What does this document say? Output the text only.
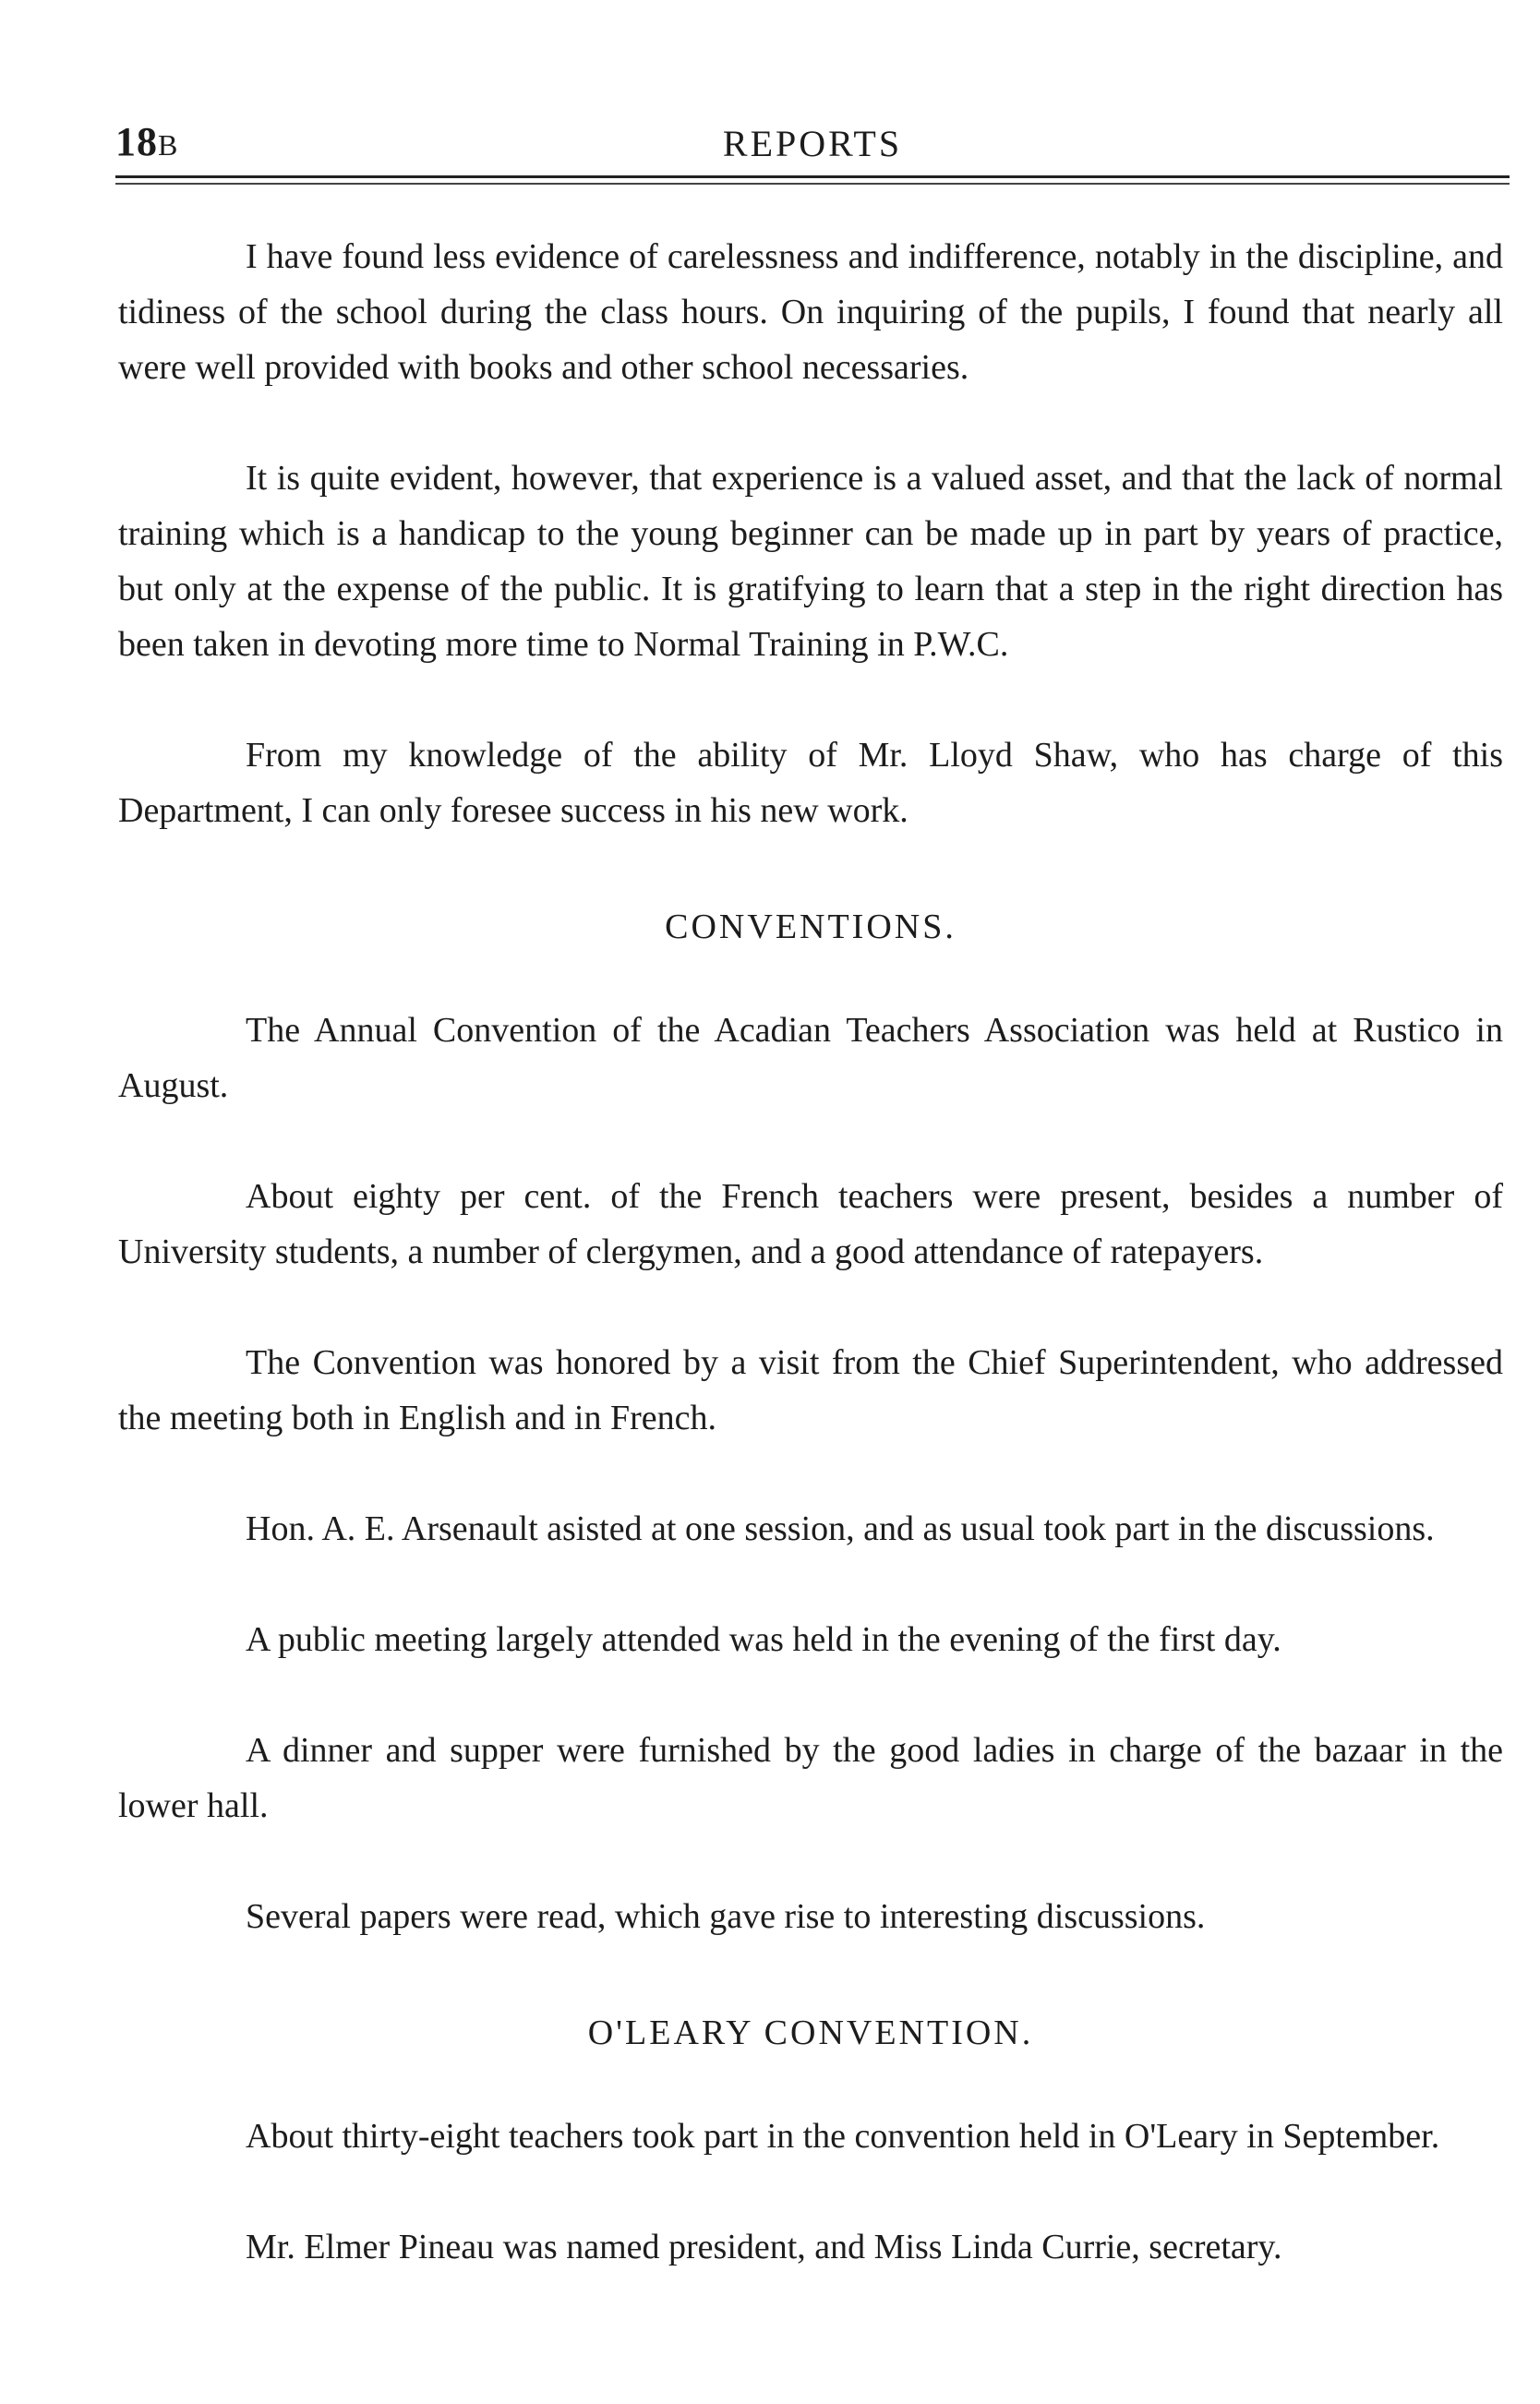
18B	REPORTS

I have found less evidence of carelessness and indifference, notably in the discipline, and tidiness of the school during the class hours. On inquiring of the pupils, I found that nearly all were well provided with books and other school necessaries.

It is quite evident, however, that experience is a valued asset, and that the lack of normal training which is a handicap to the young beginner can be made up in part by years of practice, but only at the expense of the public. It is gratifying to learn that a step in the right direction has been taken in devoting more time to Normal Training in P.W.C.

From my knowledge of the ability of Mr. Lloyd Shaw, who has charge of this Department, I can only foresee success in his new work.

CONVENTIONS.

The Annual Convention of the Acadian Teachers Association was held at Rustico in August.

About eighty per cent. of the French teachers were present, besides a number of University students, a number of clergymen, and a good attendance of ratepayers.

The Convention was honored by a visit from the Chief Superintendent, who addressed the meeting both in English and in French.

Hon. A. E. Arsenault asisted at one session, and as usual took part in the discussions.

A public meeting largely attended was held in the evening of the first day.

A dinner and supper were furnished by the good ladies in charge of the bazaar in the lower hall.

Several papers were read, which gave rise to interesting discussions.

O'LEARY CONVENTION.

About thirty-eight teachers took part in the convention held in O'Leary in September.

Mr. Elmer Pineau was named president, and Miss Linda Currie, secretary.
